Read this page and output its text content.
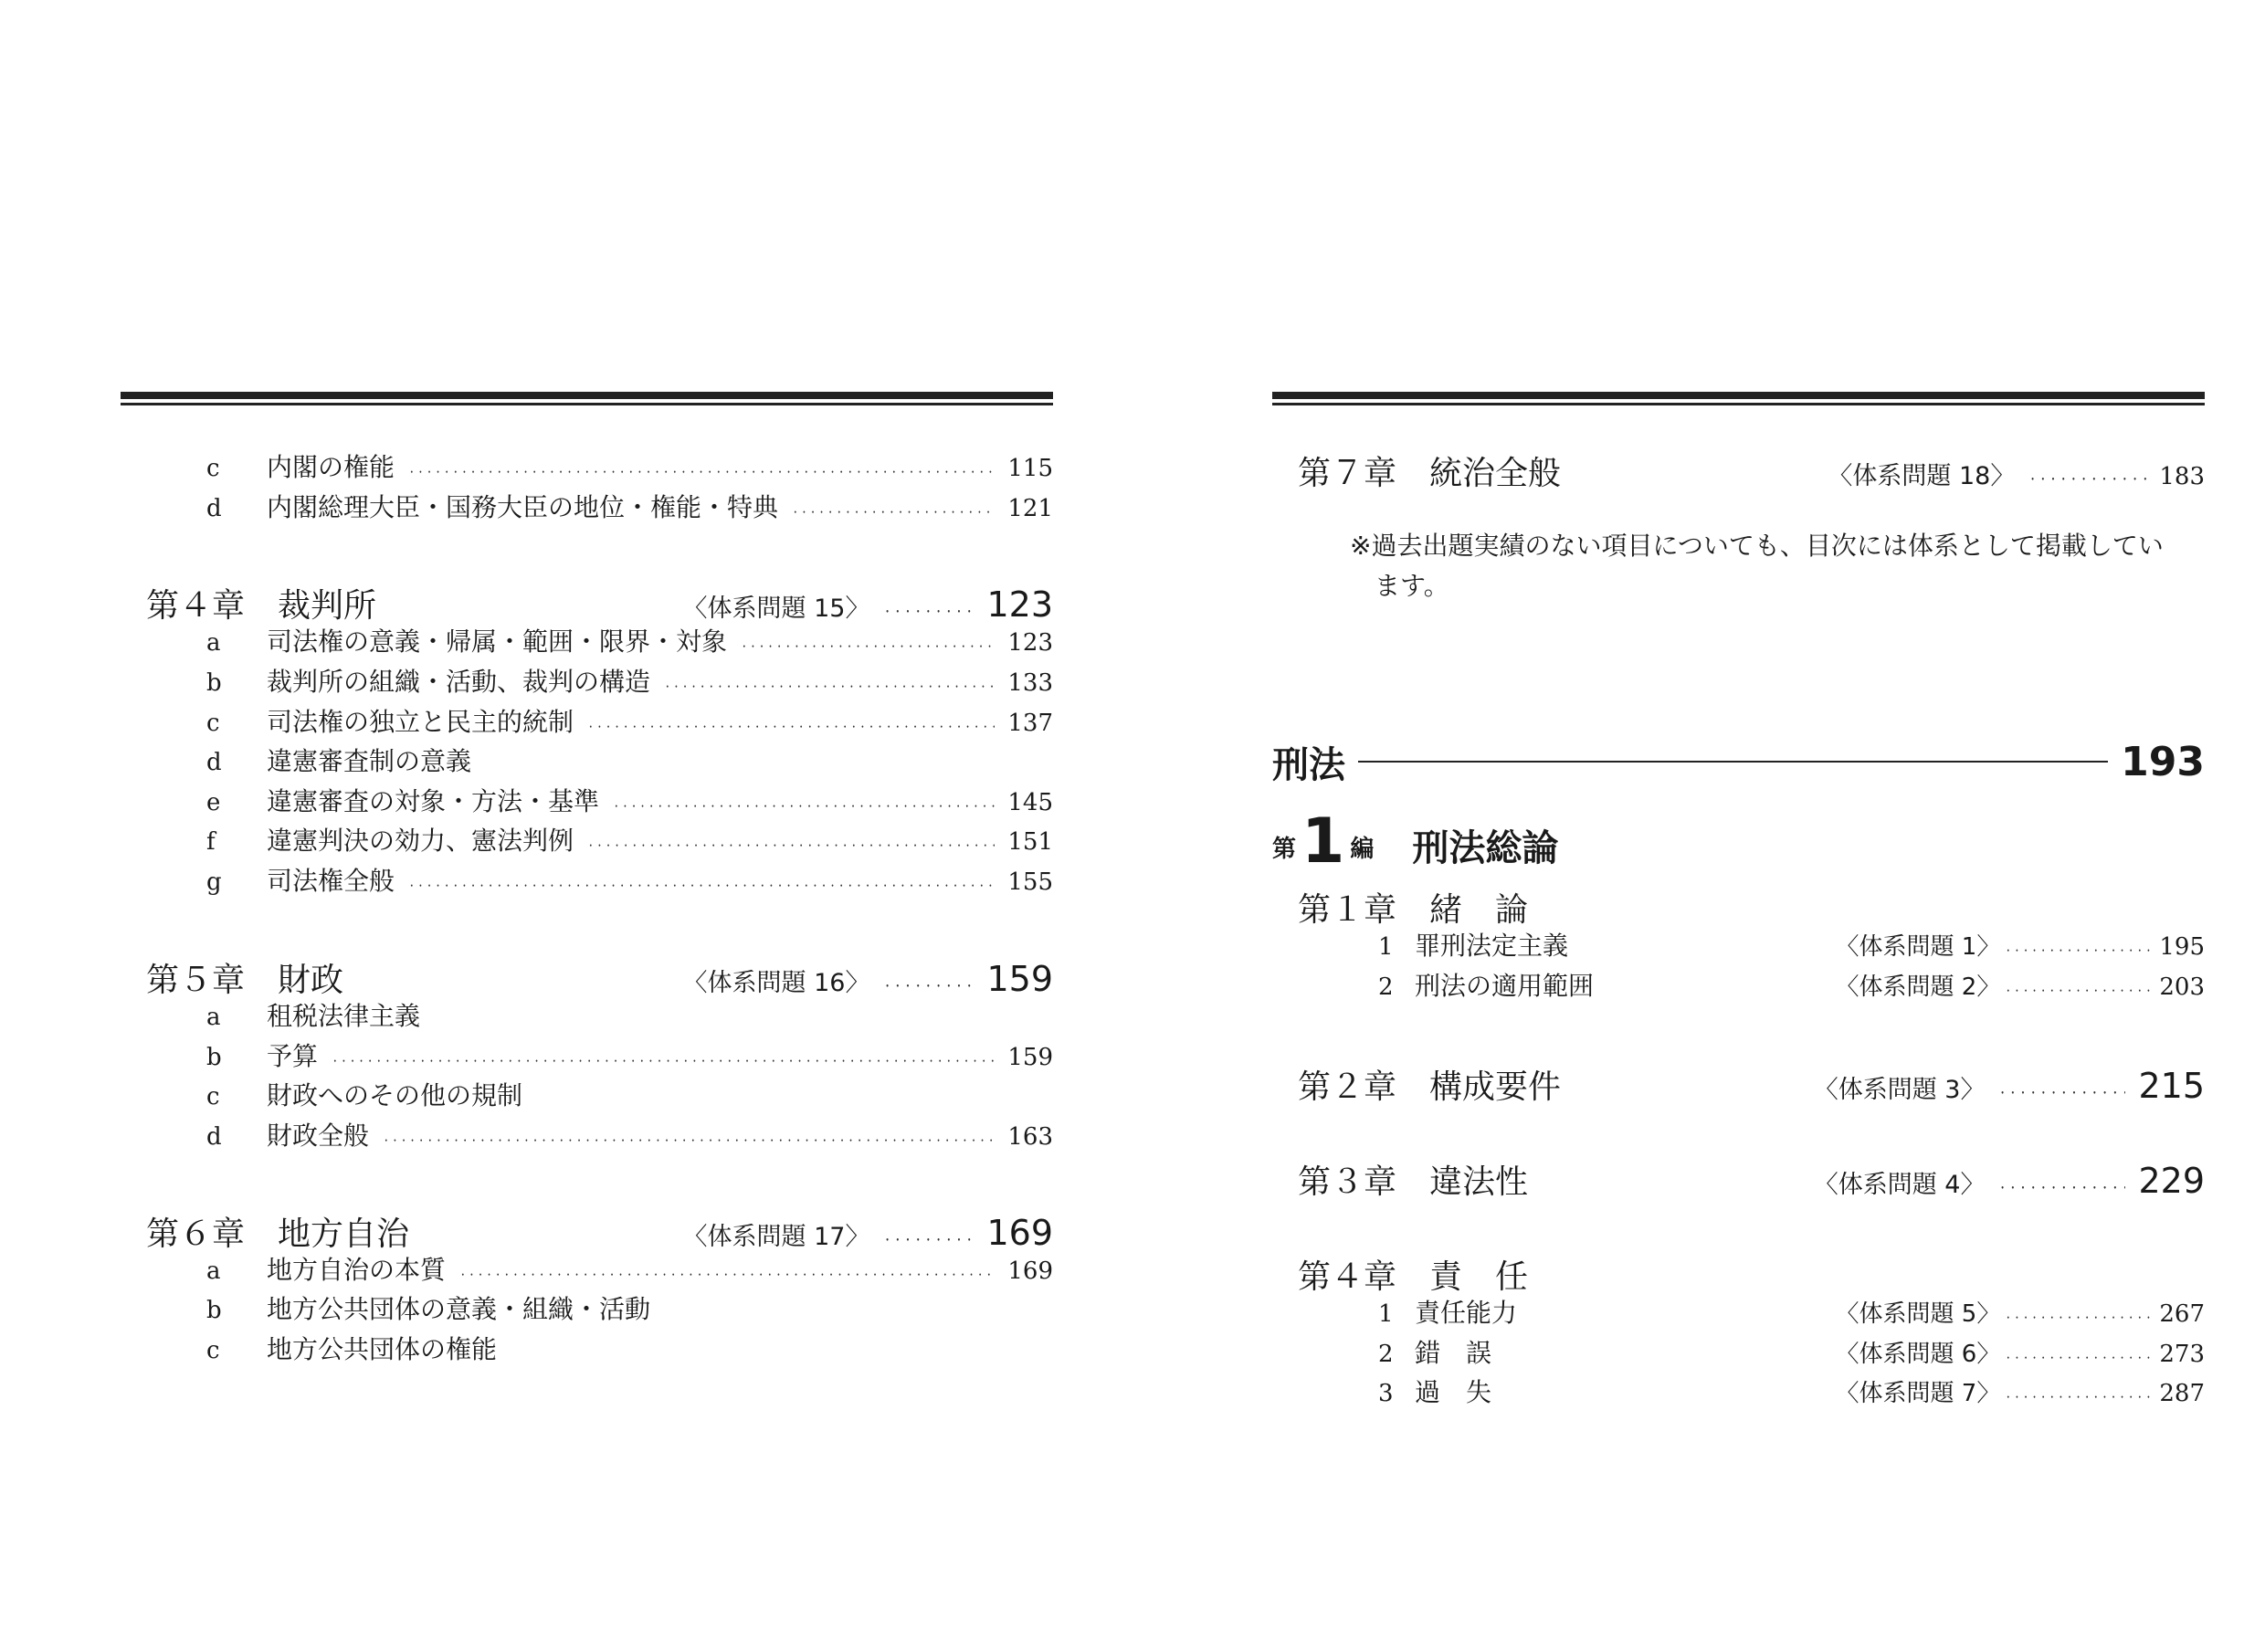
c	内閣の権能 ・・・・・・・・・・・・・・・・・・・・・・・・・・・・・・・・・・・・・・・・・・・・・・・・・・・・・・・・・・・・・・・・・・・・・・・・・・・・・・・・・	115
d	内閣総理大臣・国務大臣の地位・権能・特典 ・・・・・・・・・・・・・・・・・・・・・・・・・・・・・・・・・・・・・・・・・・・・・・・・・・・・・・・・・・・・・・・・・・・・・・・・・・・・・・・・・	121
第４章　裁判所	〈体系問題 15〉 ・・・・・・・・・・・・・・・・・・・・・・・・・・・・・・・・・・・・・・・・・・・・・・・・・・・・・・・・・・・・・・・・・・・・・・・・・・・・・・・・・	123
a	司法権の意義・帰属・範囲・限界・対象 ・・・・・・・・・・・・・・・・・・・・・・・・・・・・・・・・・・・・・・・・・・・・・・・・・・・・・・・・・・・・・・・・・・・・・・・・・・・・・・・・・	123
b	裁判所の組織・活動、裁判の構造 ・・・・・・・・・・・・・・・・・・・・・・・・・・・・・・・・・・・・・・・・・・・・・・・・・・・・・・・・・・・・・・・・・・・・・・・・・・・・・・・・・	133
c	司法権の独立と民主的統制 ・・・・・・・・・・・・・・・・・・・・・・・・・・・・・・・・・・・・・・・・・・・・・・・・・・・・・・・・・・・・・・・・・・・・・・・・・・・・・・・・・	137
d	違憲審査制の意義
e	違憲審査の対象・方法・基準 ・・・・・・・・・・・・・・・・・・・・・・・・・・・・・・・・・・・・・・・・・・・・・・・・・・・・・・・・・・・・・・・・・・・・・・・・・・・・・・・・・	145
f	違憲判決の効力、憲法判例 ・・・・・・・・・・・・・・・・・・・・・・・・・・・・・・・・・・・・・・・・・・・・・・・・・・・・・・・・・・・・・・・・・・・・・・・・・・・・・・・・・	151
g	司法権全般 ・・・・・・・・・・・・・・・・・・・・・・・・・・・・・・・・・・・・・・・・・・・・・・・・・・・・・・・・・・・・・・・・・・・・・・・・・・・・・・・・・	155
第５章　財政	〈体系問題 16〉 ・・・・・・・・・・・・・・・・・・・・・・・・・・・・・・・・・・・・・・・・・・・・・・・・・・・・・・・・・・・・・・・・・・・・・・・・・・・・・・・・・	159
a	租税法律主義
b	予算 ・・・・・・・・・・・・・・・・・・・・・・・・・・・・・・・・・・・・・・・・・・・・・・・・・・・・・・・・・・・・・・・・・・・・・・・・・・・・・・・・・	159
c	財政へのその他の規制
d	財政全般 ・・・・・・・・・・・・・・・・・・・・・・・・・・・・・・・・・・・・・・・・・・・・・・・・・・・・・・・・・・・・・・・・・・・・・・・・・・・・・・・・・	163
第６章　地方自治	〈体系問題 17〉 ・・・・・・・・・・・・・・・・・・・・・・・・・・・・・・・・・・・・・・・・・・・・・・・・・・・・・・・・・・・・・・・・・・・・・・・・・・・・・・・・・	169
a	地方自治の本質 ・・・・・・・・・・・・・・・・・・・・・・・・・・・・・・・・・・・・・・・・・・・・・・・・・・・・・・・・・・・・・・・・・・・・・・・・・・・・・・・・・	169
b	地方公共団体の意義・組織・活動
c	地方公共団体の権能
第７章　統治全般	〈体系問題 18〉 ・・・・・・・・・・・・・・・・・・・・・・・・・・・・・・・・・・・・・・・・・・・・・・・・・・・・・・・・・・・・・・・・・・・・・・・・・・・・・・・・・	183
※過去出題実績のない項目についても、目次には体系として掲載してい
ます。
刑法	193
第 1 編 刑法総論
第１章　緒　論
1 罪刑法定主義	〈体系問題 1〉 ・・・・・・・・・・・・・・・・・・・・・・・・・・・・・・・・・・・・・・・・・・・・・・・・・・・・・・・・・・・・・・・・・・・・・・・・・・・・・・・・・	195
2 刑法の適用範囲	〈体系問題 2〉 ・・・・・・・・・・・・・・・・・・・・・・・・・・・・・・・・・・・・・・・・・・・・・・・・・・・・・・・・・・・・・・・・・・・・・・・・・・・・・・・・・	203
第２章　構成要件	〈体系問題 3〉 ・・・・・・・・・・・・・・・・・・・・・・・・・・・・・・・・・・・・・・・・・・・・・・・・・・・・・・・・・・・・・・・・・・・・・・・・・・・・・・・・・	215
第３章　違法性	〈体系問題 4〉 ・・・・・・・・・・・・・・・・・・・・・・・・・・・・・・・・・・・・・・・・・・・・・・・・・・・・・・・・・・・・・・・・・・・・・・・・・・・・・・・・・	229
第４章　責　任
1 責任能力	〈体系問題 5〉 ・・・・・・・・・・・・・・・・・・・・・・・・・・・・・・・・・・・・・・・・・・・・・・・・・・・・・・・・・・・・・・・・・・・・・・・・・・・・・・・・・	267
2 錯　誤	〈体系問題 6〉 ・・・・・・・・・・・・・・・・・・・・・・・・・・・・・・・・・・・・・・・・・・・・・・・・・・・・・・・・・・・・・・・・・・・・・・・・・・・・・・・・・	273
3 過　失	〈体系問題 7〉 ・・・・・・・・・・・・・・・・・・・・・・・・・・・・・・・・・・・・・・・・・・・・・・・・・・・・・・・・・・・・・・・・・・・・・・・・・・・・・・・・・	287
